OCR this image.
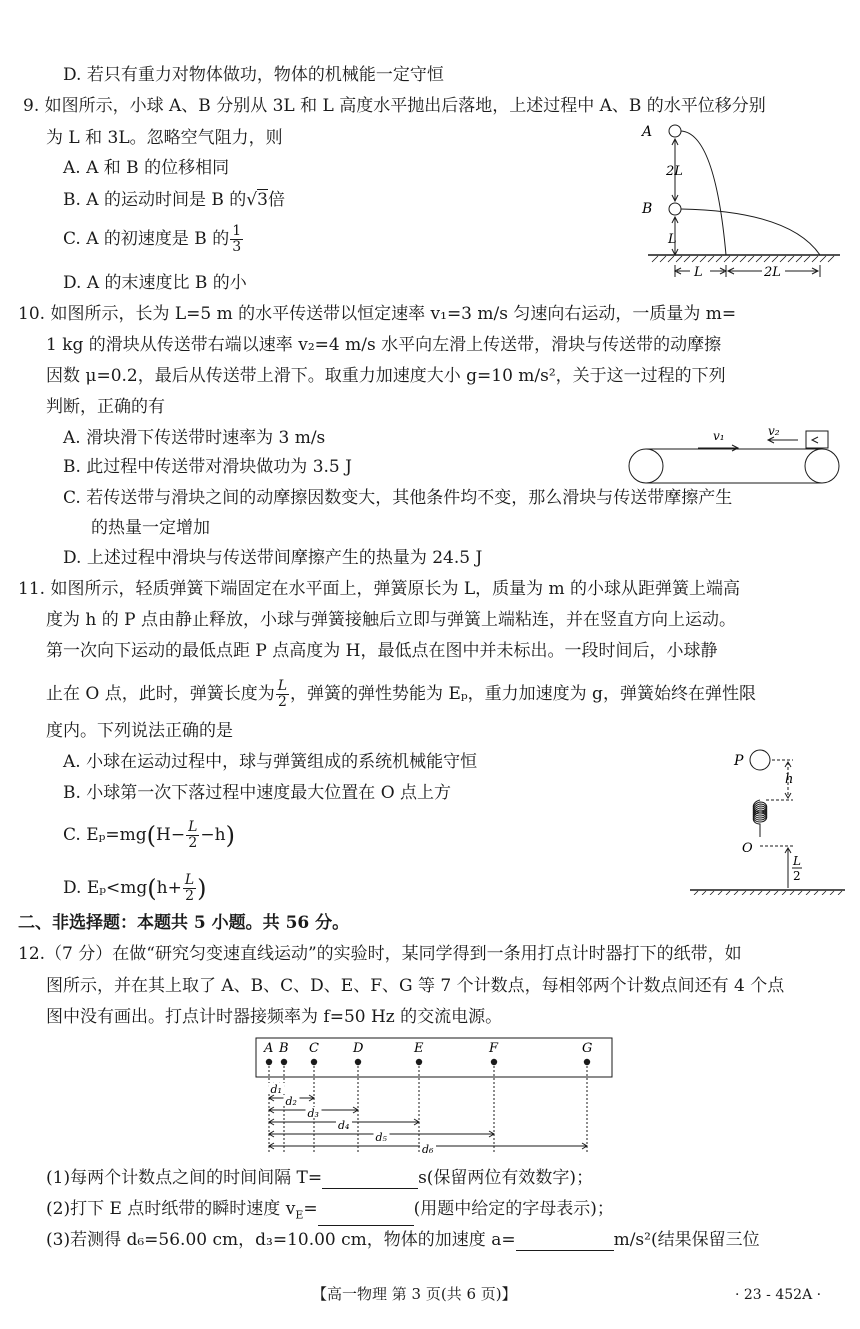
D. 若只有重力对物体做功，物体的机械能一定守恒
9. 如图所示，小球 A、B 分别从 3L 和 L 高度水平抛出后落地，上述过程中 A、B 的水平位移分别
为 L 和 3L。忽略空气阻力，则
A. A 和 B 的位移相同
B. A 的运动时间是 B 的√3倍
C. A 的初速度是 B 的 $\frac{1}{3}$
D. A 的末速度比 B 的小
A
B
2L
L
L	2L
10. 如图所示，长为 L=5 m 的水平传送带以恒定速率 v₁=3 m/s 匀速向右运动，一质量为 m=
1 kg 的滑块从传送带右端以速率 v₂=4 m/s 水平向左滑上传送带，滑块与传送带的动摩擦
因数 μ=0.2，最后从传送带上滑下。取重力加速度大小 g=10 m/s²，关于这一过程的下列
判断，正确的有
A. 滑块滑下传送带时速率为 3 m/s
B. 此过程中传送带对滑块做功为 3.5 J
C. 若传送带与滑块之间的动摩擦因数变大，其他条件均不变，那么滑块与传送带摩擦产生
的热量一定增加
D. 上述过程中滑块与传送带间摩擦产生的热量为 24.5 J
v₁	v₂
11. 如图所示，轻质弹簧下端固定在水平面上，弹簧原长为 L，质量为 m 的小球从距弹簧上端高
度为 h 的 P 点由静止释放，小球与弹簧接触后立即与弹簧上端粘连，并在竖直方向上运动。
第一次向下运动的最低点距 P 点高度为 H，最低点在图中并未标出。一段时间后，小球静
止在 O 点，此时，弹簧长度为 $\frac{L}{2}$ ，弹簧的弹性势能为 Eₚ，重力加速度为 g，弹簧始终在弹性限
度内。下列说法正确的是
A. 小球在运动过程中，球与弹簧组成的系统机械能守恒
B. 小球第一次下落过程中速度最大位置在 O 点上方
C. $E_p=mg(H- \frac{L}{2} -h)$
D. $E_p<mg(h+ \frac{L}{2}$ )
P
h
O
L
2
二、非选择题：本题共 5 小题。共 56 分。
12.（7 分）在做“研究匀变速直线运动”的实验时，某同学得到一条用打点计时器打下的纸带，如
图所示，并在其上取了 A、B、C、D、E、F、G 等 7 个计数点，每相邻两个计数点间还有 4 个点
图中没有画出。打点计时器接频率为 f=50 Hz 的交流电源。
A B C	D	E	F	G
d₁
d₂
d₃
d₄
d₅
d₆
(1)每两个计数点之间的时间间隔 T=	s(保留两位有效数字)；
(2)打下 E 点时纸带的瞬时速度 $v_E=$	(用题中给定的字母表示)；
(3)若测得 d₆=56.00 cm，d₃=10.00 cm，物体的加速度 a=	m/s²(结果保留三位
【高一物理 第 3 页(共 6 页)】	· 23 - 452A ·
